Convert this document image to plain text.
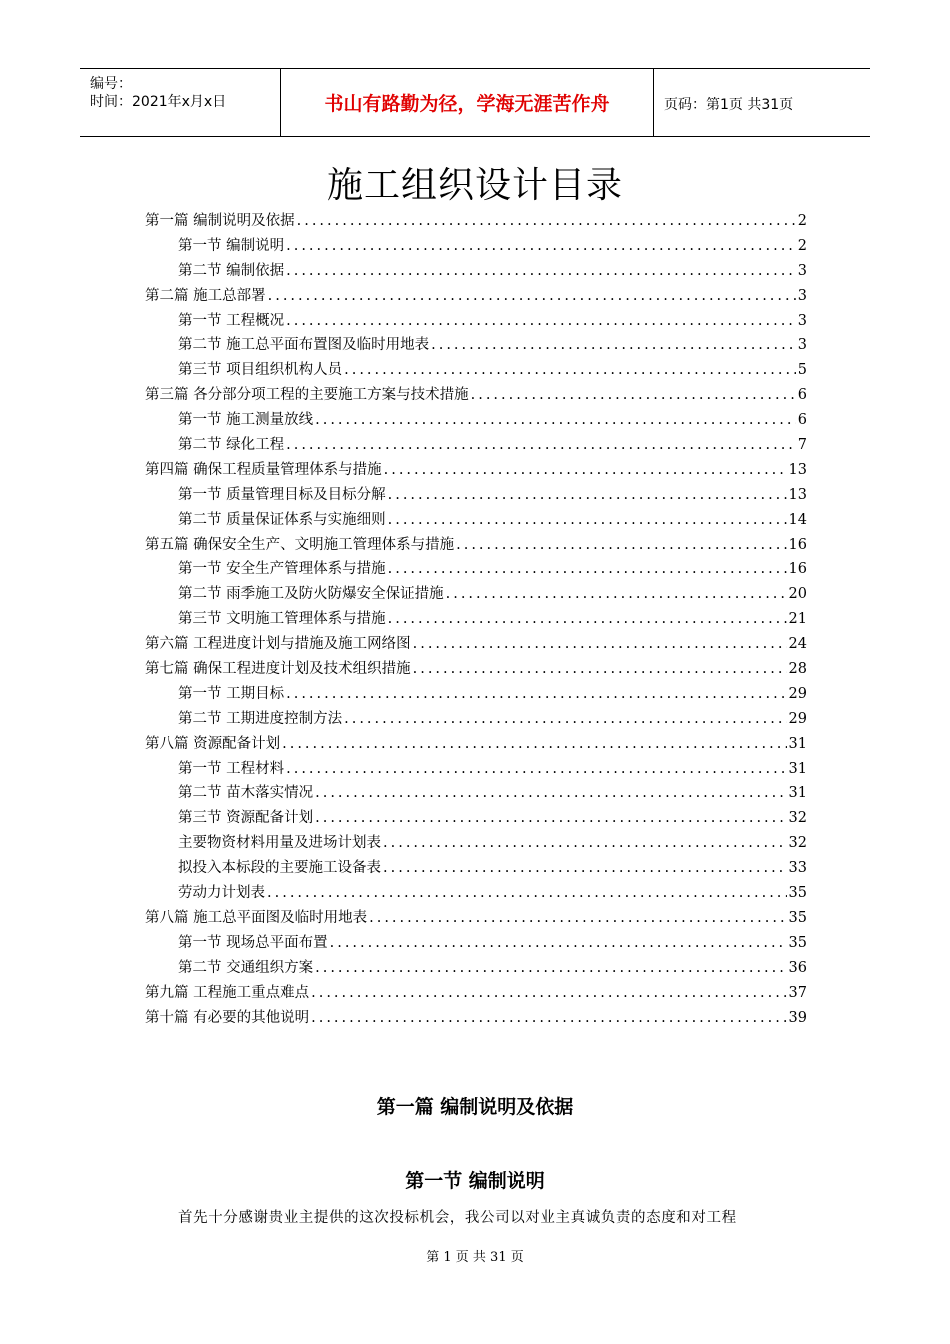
编号：
时间：2021年x月x日	书山有路勤为径，学海无涯苦作舟	页码：第1页 共31页
施工组织设计目录
第一篇 编制说明及依据 .....	2
第一节 编制说明 .....	2
第二节 编制依据 .....	3
第二篇 施工总部署 .....	3
第一节 工程概况 .....	3
第二节 施工总平面布置图及临时用地表 .....	3
第三节 项目组织机构人员 .....	5
第三篇 各分部分项工程的主要施工方案与技术措施 .....	6
第一节 施工测量放线 .....	6
第二节 绿化工程 .....	7
第四篇 确保工程质量管理体系与措施 .....	13
第一节 质量管理目标及目标分解 .....	13
第二节 质量保证体系与实施细则 .....	14
第五篇 确保安全生产、文明施工管理体系与措施 .....	16
第一节 安全生产管理体系与措施 .....	16
第二节 雨季施工及防火防爆安全保证措施 .....	20
第三节 文明施工管理体系与措施 .....	21
第六篇 工程进度计划与措施及施工网络图 .....	24
第七篇 确保工程进度计划及技术组织措施 .....	28
第一节 工期目标 .....	29
第二节 工期进度控制方法 .....	29
第八篇 资源配备计划 .....	31
第一节 工程材料 .....	31
第二节 苗木落实情况 .....	31
第三节 资源配备计划 .....	32
主要物资材料用量及进场计划表 .....	32
拟投入本标段的主要施工设备表 .....	33
劳动力计划表 .....	35
第八篇 施工总平面图及临时用地表 .....	35
第一节 现场总平面布置 .....	35
第二节 交通组织方案 .....	36
第九篇 工程施工重点难点 .....	37
第十篇 有必要的其他说明 .....	39
第一篇 编制说明及依据
第一节 编制说明
首先十分感谢贵业主提供的这次投标机会，我公司以对业主真诚负责的态度和对工程
第 1 页 共 31 页
